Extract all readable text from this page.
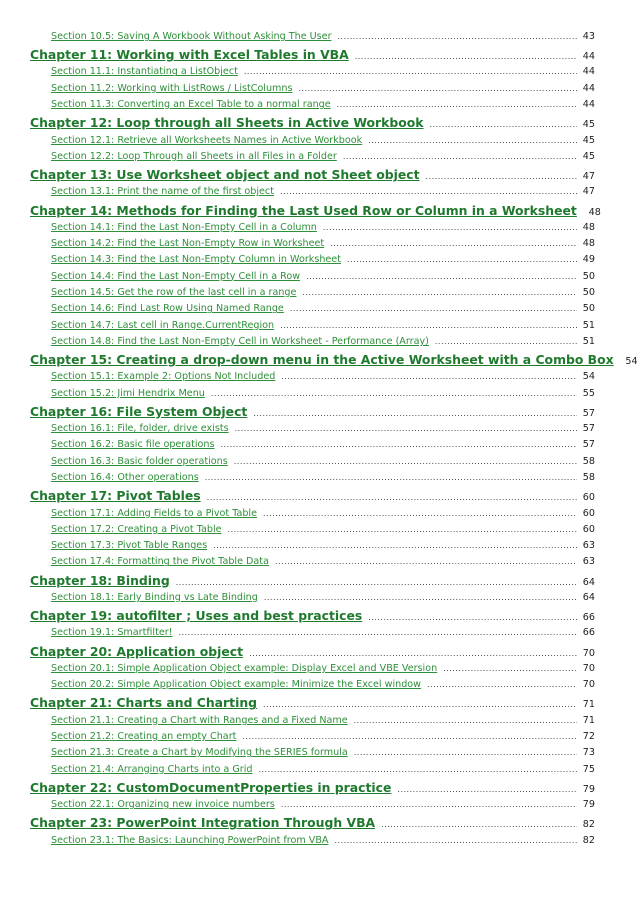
Section 10.5: Saving A Workbook Without Asking The User .....	43
Chapter 11: Working with Excel Tables in VBA .....	44
Section 11.1: Instantiating a ListObject .....	44
Section 11.2: Working with ListRows / ListColumns .....	44
Section 11.3: Converting an Excel Table to a normal range .....	44
Chapter 12: Loop through all Sheets in Active Workbook .....	45
Section 12.1: Retrieve all Worksheets Names in Active Workbook .....	45
Section 12.2: Loop Through all Sheets in all Files in a Folder .....	45
Chapter 13: Use Worksheet object and not Sheet object .....	47
Section 13.1: Print the name of the first object .....	47
Chapter 14: Methods for Finding the Last Used Row or Column in a Worksheet 48
Section 14.1: Find the Last Non-Empty Cell in a Column .....	48
Section 14.2: Find the Last Non-Empty Row in Worksheet .....	48
Section 14.3: Find the Last Non-Empty Column in Worksheet .....	49
Section 14.4: Find the Last Non-Empty Cell in a Row .....	50
Section 14.5: Get the row of the last cell in a range .....	50
Section 14.6: Find Last Row Using Named Range .....	50
Section 14.7: Last cell in Range.CurrentRegion .....	51
Section 14.8: Find the Last Non-Empty Cell in Worksheet - Performance (Array) .....	51
Chapter 15: Creating a drop-down menu in the Active Worksheet with a Combo Box 54
Section 15.1: Example 2: Options Not Included .....	54
Section 15.2: Jimi Hendrix Menu .....	55
Chapter 16: File System Object .....	57
Section 16.1: File, folder, drive exists .....	57
Section 16.2: Basic file operations .....	57
Section 16.3: Basic folder operations .....	58
Section 16.4: Other operations .....	58
Chapter 17: Pivot Tables .....	60
Section 17.1: Adding Fields to a Pivot Table .....	60
Section 17.2: Creating a Pivot Table .....	60
Section 17.3: Pivot Table Ranges .....	63
Section 17.4: Formatting the Pivot Table Data .....	63
Chapter 18: Binding .....	64
Section 18.1: Early Binding vs Late Binding .....	64
Chapter 19: autofilter ; Uses and best practices .....	66
Section 19.1: Smartfilter! .....	66
Chapter 20: Application object .....	70
Section 20.1: Simple Application Object example: Display Excel and VBE Version .....	70
Section 20.2: Simple Application Object example: Minimize the Excel window .....	70
Chapter 21: Charts and Charting .....	71
Section 21.1: Creating a Chart with Ranges and a Fixed Name .....	71
Section 21.2: Creating an empty Chart .....	72
Section 21.3: Create a Chart by Modifying the SERIES formula .....	73
Section 21.4: Arranging Charts into a Grid .....	75
Chapter 22: CustomDocumentProperties in practice .....	79
Section 22.1: Organizing new invoice numbers .....	79
Chapter 23: PowerPoint Integration Through VBA .....	82
Section 23.1: The Basics: Launching PowerPoint from VBA .....	82
